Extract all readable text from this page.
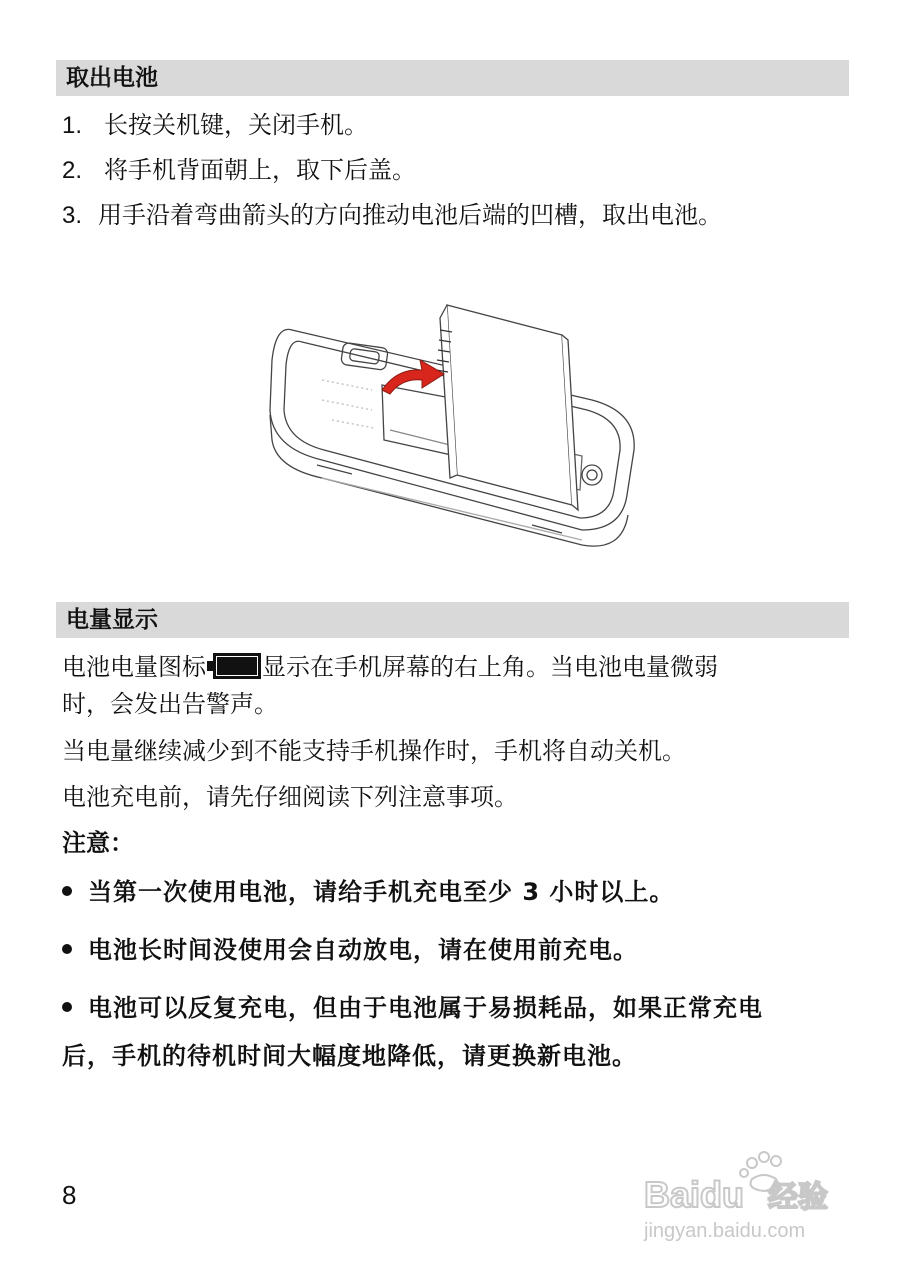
取出电池
1. 长按关机键，关闭手机。
2. 将手机背面朝上，取下后盖。
3. 用手沿着弯曲箭头的方向推动电池后端的凹槽，取出电池。
电量显示
电池电量图标 显示在手机屏幕的右上角。当电池电量微弱
时，会发出告警声。
当电量继续减少到不能支持手机操作时，手机将自动关机。
电池充电前，请先仔细阅读下列注意事项。
注意：
当第一次使用电池，请给手机充电至少 3 小时以上。
电池长时间没使用会自动放电，请在使用前充电。
电池可以反复充电，但由于电池属于易损耗品，如果正常充电
后，手机的待机时间大幅度地降低，请更换新电池。
8	Baidu 经验
jingyan.baidu.com
